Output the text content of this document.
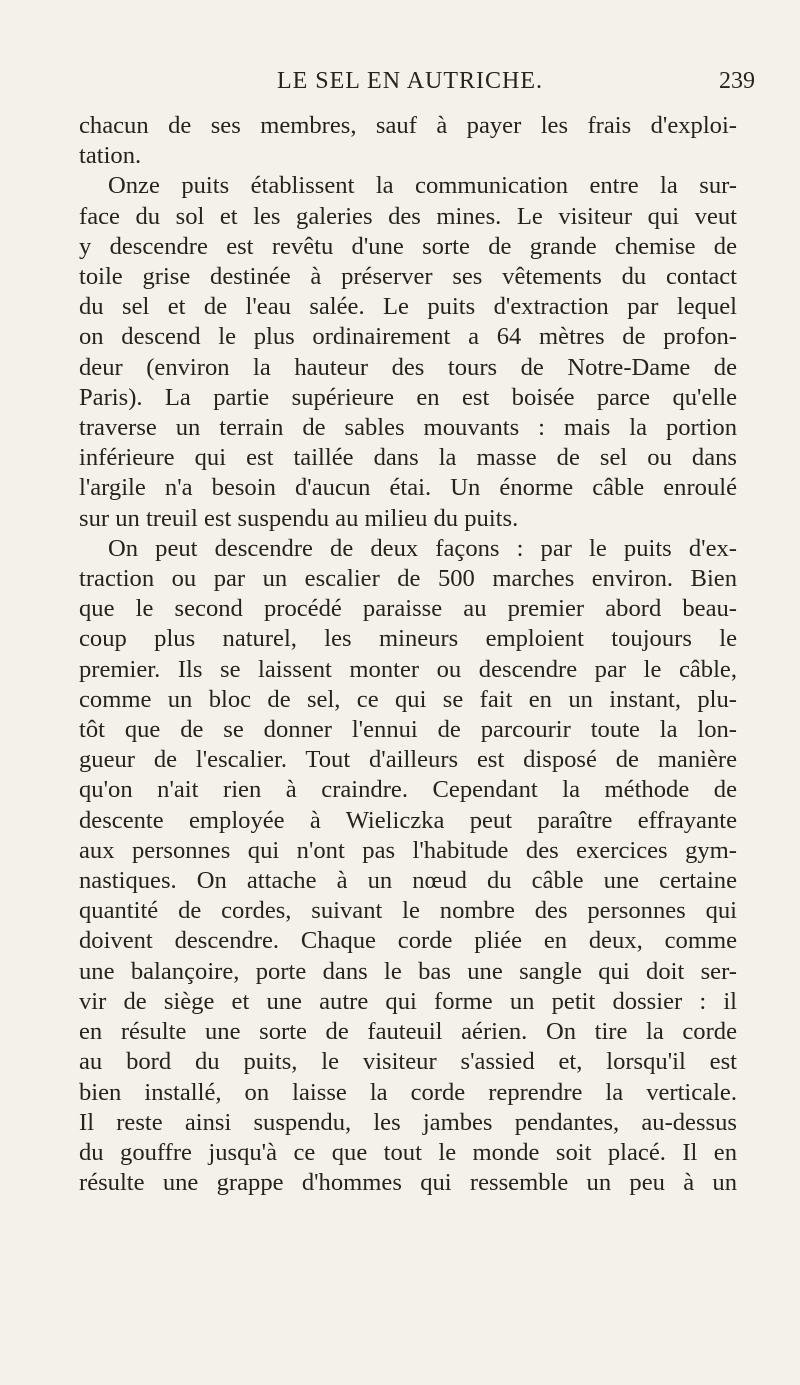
LE SEL EN AUTRICHE.	239
chacun de ses membres, sauf à payer les frais d'exploi-
tation.
Onze puits établissent la communication entre la sur-
face du sol et les galeries des mines. Le visiteur qui veut
y descendre est revêtu d'une sorte de grande chemise de
toile grise destinée à préserver ses vêtements du contact
du sel et de l'eau salée. Le puits d'extraction par lequel
on descend le plus ordinairement a 64 mètres de profon-
deur (environ la hauteur des tours de Notre-Dame de
Paris). La partie supérieure en est boisée parce qu'elle
traverse un terrain de sables mouvants : mais la portion
inférieure qui est taillée dans la masse de sel ou dans
l'argile n'a besoin d'aucun étai. Un énorme câble enroulé
sur un treuil est suspendu au milieu du puits.
On peut descendre de deux façons : par le puits d'ex-
traction ou par un escalier de 500 marches environ. Bien
que le second procédé paraisse au premier abord beau-
coup plus naturel, les mineurs emploient toujours le
premier. Ils se laissent monter ou descendre par le câble,
comme un bloc de sel, ce qui se fait en un instant, plu-
tôt que de se donner l'ennui de parcourir toute la lon-
gueur de l'escalier. Tout d'ailleurs est disposé de manière
qu'on n'ait rien à craindre. Cependant la méthode de
descente employée à Wieliczka peut paraître effrayante
aux personnes qui n'ont pas l'habitude des exercices gym-
nastiques. On attache à un nœud du câble une certaine
quantité de cordes, suivant le nombre des personnes qui
doivent descendre. Chaque corde pliée en deux, comme
une balançoire, porte dans le bas une sangle qui doit ser-
vir de siège et une autre qui forme un petit dossier : il
en résulte une sorte de fauteuil aérien. On tire la corde
au bord du puits, le visiteur s'assied et, lorsqu'il est
bien installé, on laisse la corde reprendre la verticale.
Il reste ainsi suspendu, les jambes pendantes, au-dessus
du gouffre jusqu'à ce que tout le monde soit placé. Il en
résulte une grappe d'hommes qui ressemble un peu à un
